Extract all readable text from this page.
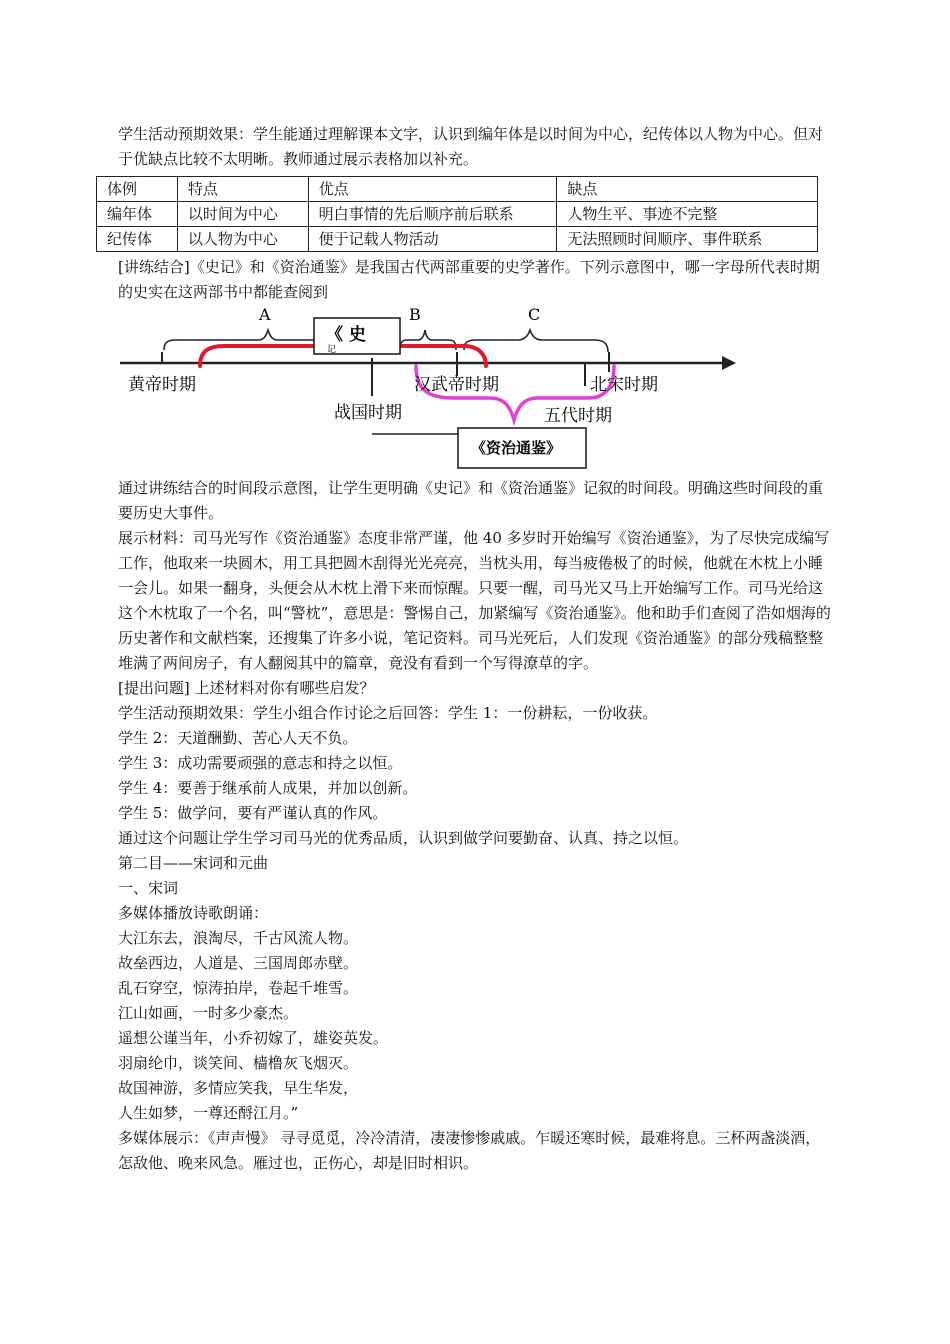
学生活动预期效果：学生能通过理解课本文字，认识到编年体是以时间为中心，纪传体以人物为中心。但对于优缺点比较不太明晰。教师通过展示表格加以补充。

体例	特点	优点	缺点
编年体	以时间为中心	明白事情的先后顺序前后联系	人物生平、事迹不完整
纪传体	以人物为中心	便于记载人物活动	无法照顾时间顺序、事件联系

[讲练结合]《史记》和《资治通鉴》是我国古代两部重要的史学著作。下列示意图中，哪一字母所代表时期的史实在这两部书中都能查阅到

A	B	C
《 史
记
《资治通鉴》
黄帝时期
战国时期
汉武帝时期	北宋时期
五代时期

通过讲练结合的时间段示意图，让学生更明确《史记》和《资治通鉴》记叙的时间段。明确这些时间段的重要历史大事件。

展示材料：司马光写作《资治通鉴》态度非常严谨，他 40 多岁时开始编写《资治通鉴》，为了尽快完成编写工作，他取来一块圆木，用工具把圆木刮得光光亮亮，当枕头用，每当疲倦极了的时候，他就在木枕上小睡一会儿。如果一翻身，头便会从木枕上滑下来而惊醒。只要一醒，司马光又马上开始编写工作。司马光给这这个木枕取了一个名，叫“警枕”，意思是：警惕自己，加紧编写《资治通鉴》。他和助手们查阅了浩如烟海的历史著作和文献档案，还搜集了许多小说，笔记资料。司马光死后，人们发现《资治通鉴》的部分残稿整整堆满了两间房子，有人翻阅其中的篇章，竟没有看到一个写得潦草的字。

[提出问题] 上述材料对你有哪些启发？

学生活动预期效果：学生小组合作讨论之后回答：学生 1：一份耕耘，一份收获。

学生 2：天道酬勤、苦心人天不负。

学生 3：成功需要顽强的意志和持之以恒。

学生 4：要善于继承前人成果，并加以创新。

学生 5：做学问，要有严谨认真的作风。

通过这个问题让学生学习司马光的优秀品质，认识到做学问要勤奋、认真、持之以恒。

第二目——宋词和元曲

一、宋词

多媒体播放诗歌朗诵：

大江东去，浪淘尽，千古风流人物。

故垒西边，人道是、三国周郎赤壁。

乱石穿空，惊涛拍岸，卷起千堆雪。

江山如画，一时多少豪杰。

遥想公谨当年，小乔初嫁了，雄姿英发。

羽扇纶巾，谈笑间、樯橹灰飞烟灭。

故国神游，多情应笑我，早生华发，

人生如梦，一尊还酹江月。”

多媒体展示：《声声慢》 寻寻觅觅，冷冷清清，凄凄惨惨戚戚。乍暖还寒时候，最难将息。三杯两盏淡酒，怎敌他、晚来风急。雁过也，正伤心，却是旧时相识。
